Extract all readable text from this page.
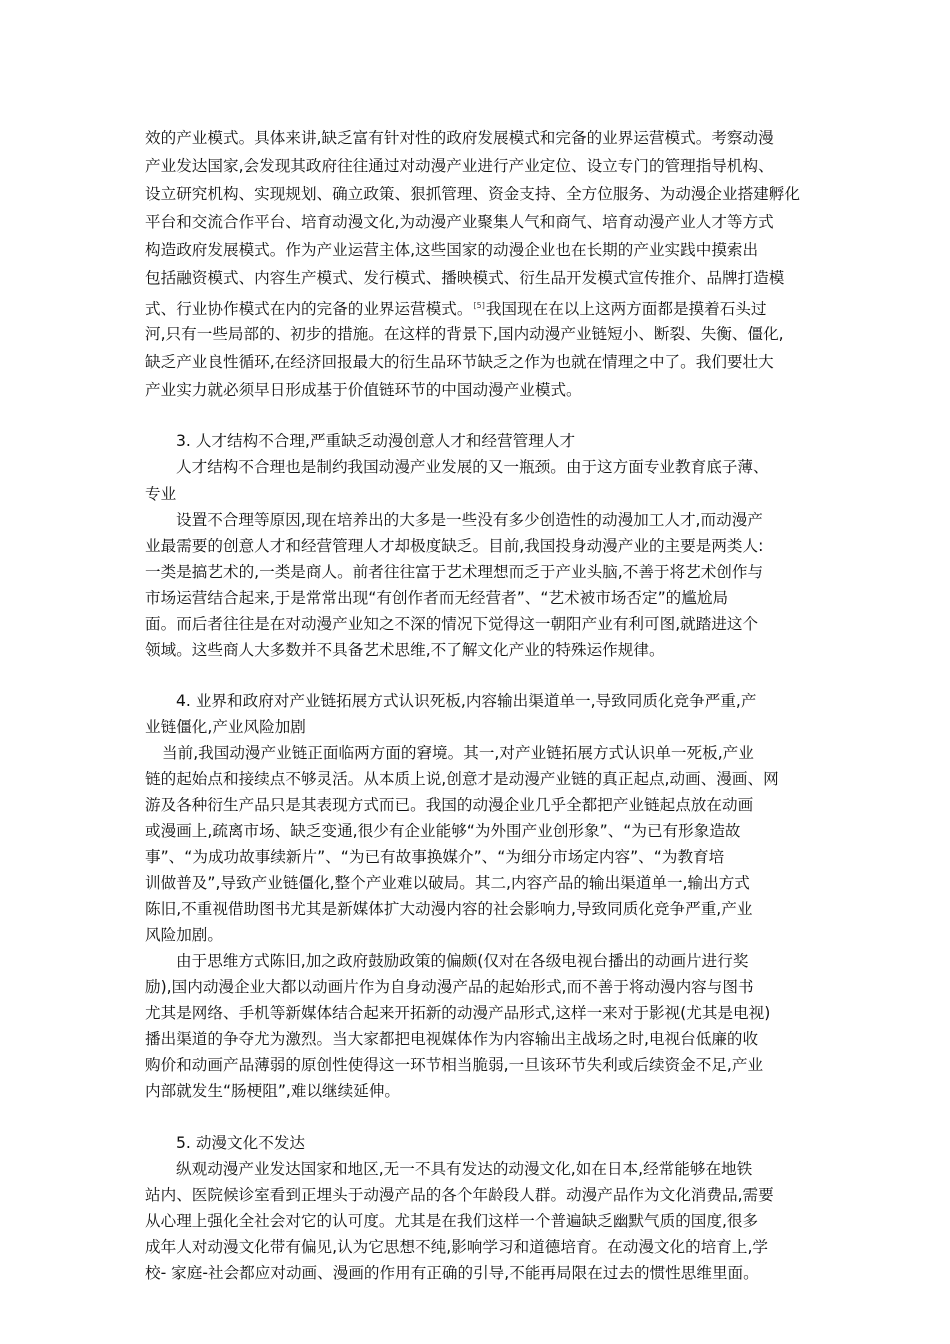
效的产业模式。具体来讲,缺乏富有针对性的政府发展模式和完备的业界运营模式。考察动漫
产业发达国家,会发现其政府往往通过对动漫产业进行产业定位、设立专门的管理指导机构、
设立研究机构、实现规划、确立政策、狠抓管理、资金支持、全方位服务、为动漫企业搭建孵化
平台和交流合作平台、培育动漫文化,为动漫产业聚集人气和商气、培育动漫产业人才等方式
构造政府发展模式。作为产业运营主体,这些国家的动漫企业也在长期的产业实践中摸索出
包括融资模式、内容生产模式、发行模式、播映模式、衍生品开发模式宣传推介、品牌打造模
式、行业协作模式在内的完备的业界运营模式。[5]我国现在在以上这两方面都是摸着石头过
河,只有一些局部的、初步的措施。在这样的背景下,国内动漫产业链短小、断裂、失衡、僵化,
缺乏产业良性循环,在经济回报最大的衍生品环节缺乏之作为也就在情理之中了。我们要壮大
产业实力就必须早日形成基于价值链环节的中国动漫产业模式。
3. 人才结构不合理,严重缺乏动漫创意人才和经营管理人才
人才结构不合理也是制约我国动漫产业发展的又一瓶颈。由于这方面专业教育底子薄、
专业
设置不合理等原因,现在培养出的大多是一些没有多少创造性的动漫加工人才,而动漫产
业最需要的创意人才和经营管理人才却极度缺乏。目前,我国投身动漫产业的主要是两类人:
一类是搞艺术的,一类是商人。前者往往富于艺术理想而乏于产业头脑,不善于将艺术创作与
市场运营结合起来,于是常常出现“有创作者而无经营者”、“艺术被市场否定”的尴尬局
面。而后者往往是在对动漫产业知之不深的情况下觉得这一朝阳产业有利可图,就踏进这个
领域。这些商人大多数并不具备艺术思维,不了解文化产业的特殊运作规律。
4. 业界和政府对产业链拓展方式认识死板,内容输出渠道单一,导致同质化竞争严重,产
业链僵化,产业风险加剧
当前,我国动漫产业链正面临两方面的窘境。其一,对产业链拓展方式认识单一死板,产业
链的起始点和接续点不够灵活。从本质上说,创意才是动漫产业链的真正起点,动画、漫画、网
游及各种衍生产品只是其表现方式而已。我国的动漫企业几乎全都把产业链起点放在动画
或漫画上,疏离市场、缺乏变通,很少有企业能够“为外围产业创形象”、“为已有形象造故
事”、“为成功故事续新片”、“为已有故事换媒介”、“为细分市场定内容”、“为教育培
训做普及”,导致产业链僵化,整个产业难以破局。其二,内容产品的输出渠道单一,输出方式
陈旧,不重视借助图书尤其是新媒体扩大动漫内容的社会影响力,导致同质化竞争严重,产业
风险加剧。
由于思维方式陈旧,加之政府鼓励政策的偏颇(仅对在各级电视台播出的动画片进行奖
励),国内动漫企业大都以动画片作为自身动漫产品的起始形式,而不善于将动漫内容与图书
尤其是网络、手机等新媒体结合起来开拓新的动漫产品形式,这样一来对于影视(尤其是电视)
播出渠道的争夺尤为激烈。当大家都把电视媒体作为内容输出主战场之时,电视台低廉的收
购价和动画产品薄弱的原创性使得这一环节相当脆弱,一旦该环节失利或后续资金不足,产业
内部就发生“肠梗阻”,难以继续延伸。
5. 动漫文化不发达
纵观动漫产业发达国家和地区,无一不具有发达的动漫文化,如在日本,经常能够在地铁
站内、医院候诊室看到正埋头于动漫产品的各个年龄段人群。动漫产品作为文化消费品,需要
从心理上强化全社会对它的认可度。尤其是在我们这样一个普遍缺乏幽默气质的国度,很多
成年人对动漫文化带有偏见,认为它思想不纯,影响学习和道德培育。在动漫文化的培育上,学
校- 家庭-社会都应对动画、漫画的作用有正确的引导,不能再局限在过去的惯性思维里面。
